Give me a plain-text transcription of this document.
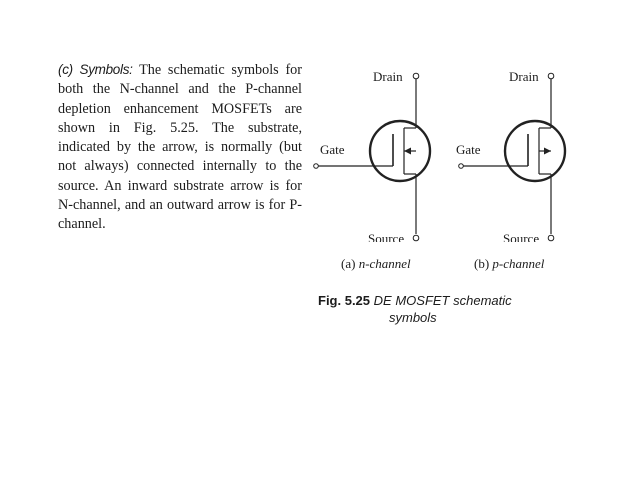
(c) Symbols: The schematic symbols for both the N-channel and the P-channel depletion enhancement MOSFETs are shown in Fig. 5.25. The substrate, indicated by the arrow, is normally (but not always) connected internally to the source. An inward substrate arrow is for N-channel, and an outward arrow is for P-channel.
Drain
Gate
Source
Drain
Gate
Source
(a) n-channel	(b) p-channel
Fig. 5.25 DE MOSFET schematic
symbols
